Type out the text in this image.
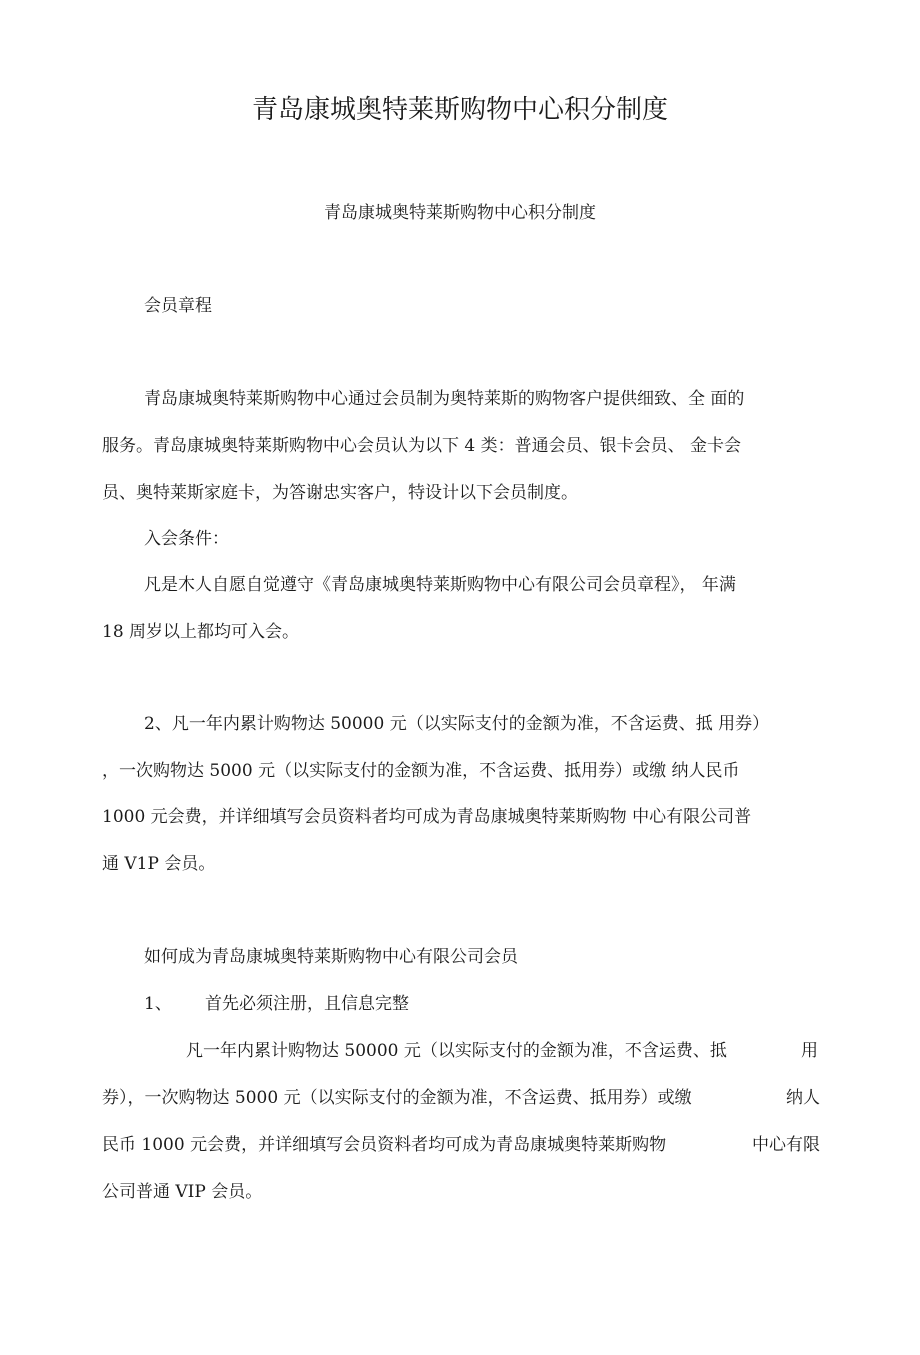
青岛康城奥特莱斯购物中心积分制度
青岛康城奥特莱斯购物中心积分制度
会员章程
青岛康城奥特莱斯购物中心通过会员制为奥特莱斯的购物客户提供细致、全 面的
服务。青岛康城奥特莱斯购物中心会员认为以下 4 类：普通会员、银卡会员、 金卡会
员、奥特莱斯家庭卡，为答谢忠实客户，特设计以下会员制度。
入会条件：
凡是木人自愿自觉遵守《青岛康城奥特莱斯购物中心有限公司会员章程》， 年满
18 周岁以上都均可入会。
2、凡一年内累计购物达 50000 元（以实际支付的金额为准，不含运费、抵 用券）
，一次购物达 5000 元（以实际支付的金额为准，不含运费、抵用券）或缴 纳人民币
1000 元会费，并详细填写会员资料者均可成为青岛康城奥特莱斯购物 中心有限公司普
通 V1P 会员。
如何成为青岛康城奥特莱斯购物中心有限公司会员
1、 首先必须注册，且信息完整
凡一年内累计购物达 50000 元（以实际支付的金额为准，不含运费、抵	用
券），一次购物达 5000 元（以实际支付的金额为准，不含运费、抵用券）或缴	纳人
民币 1000 元会费，并详细填写会员资料者均可成为青岛康城奥特莱斯购物	中心有限
公司普通 VIP 会员。
